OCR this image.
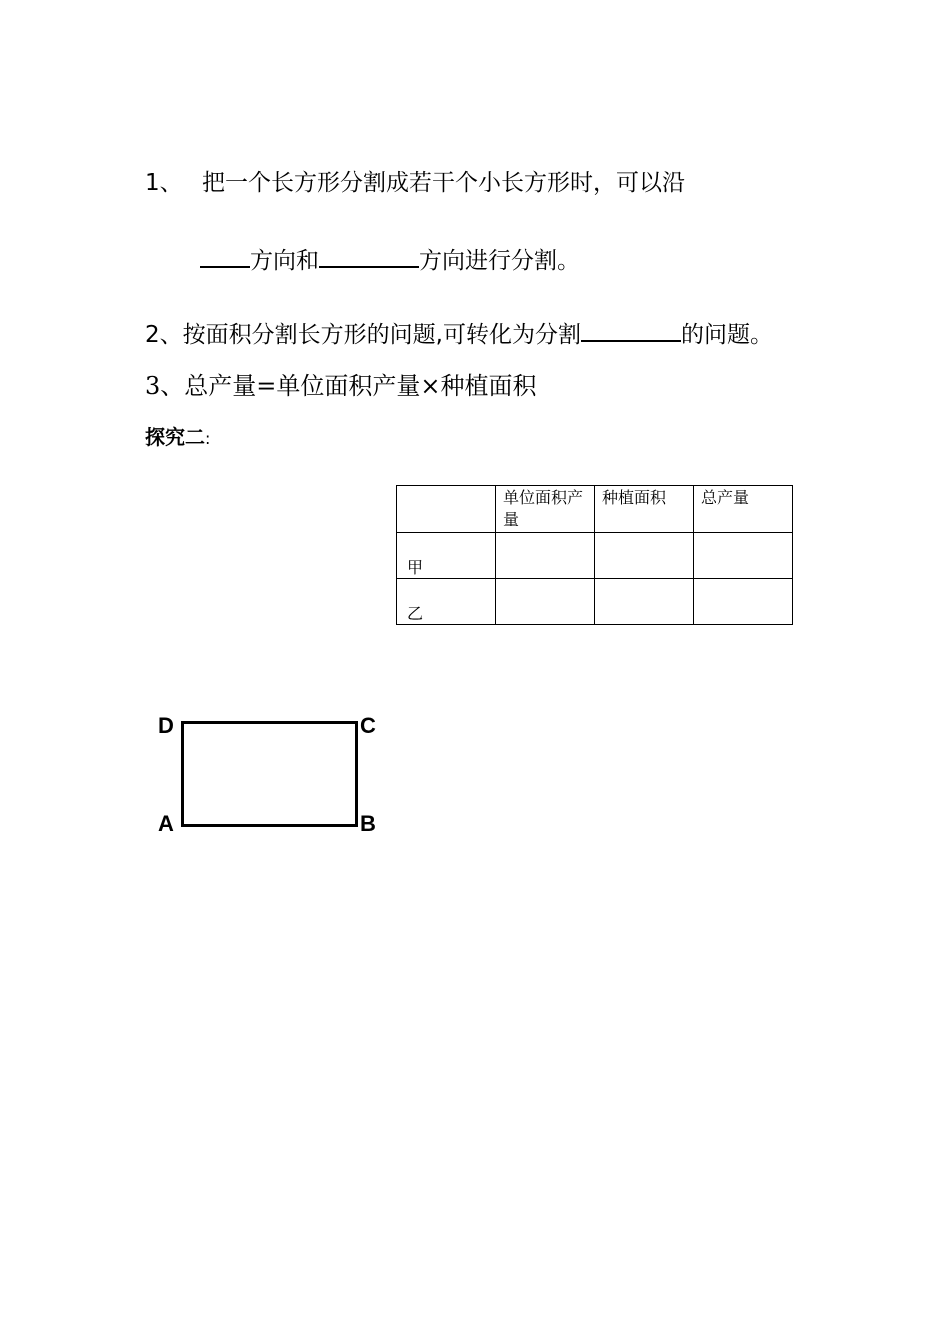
1、 把一个长方形分割成若干个小长方形时，可以沿
方向和	方向进行分割。
2、按面积分割长方形的问题,可转化为分割	的问题。
3、总产量=单位面积产量×种植面积
探究二:

	单位面积产量	种植面积	总产量

甲			

乙			

D	C
A	B
